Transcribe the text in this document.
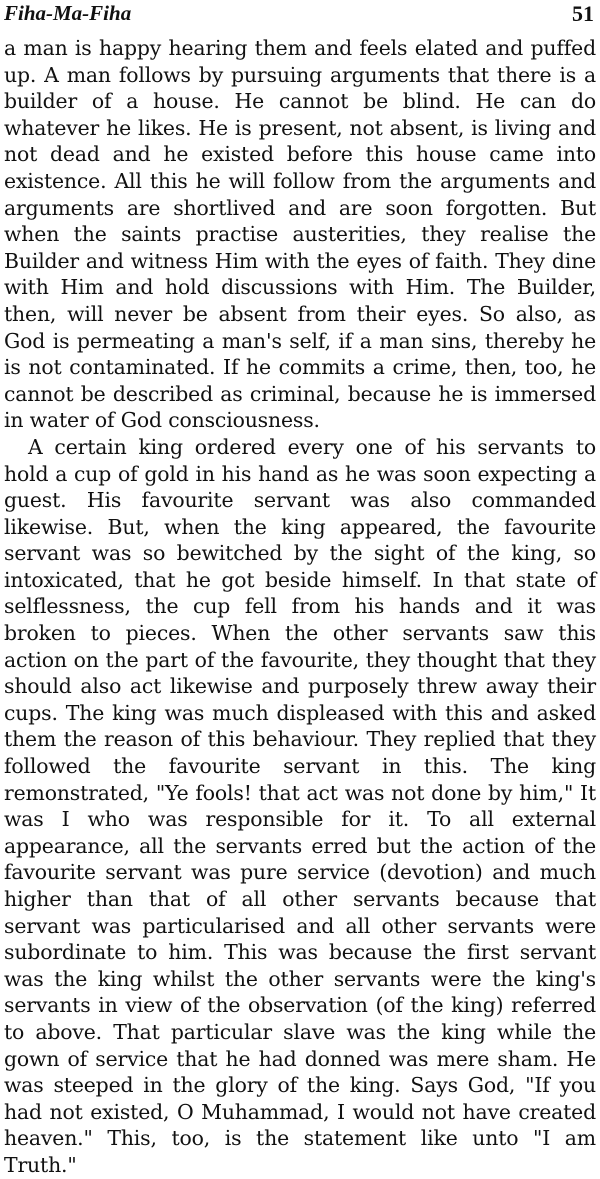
Fiha-Ma-Fiha	51

a man is happy hearing them and feels elated and puffed up. A man follows by pursuing arguments that there is a builder of a house. He cannot be blind. He can do whatever he likes. He is present, not absent, is living and not dead and he existed before this house came into existence. All this he will follow from the arguments and arguments are shortlived and are soon forgotten. But when the saints practise austerities, they realise the Builder and witness Him with the eyes of faith. They dine with Him and hold discussions with Him. The Builder, then, will never be absent from their eyes. So also, as God is permeating a man's self, if a man sins, thereby he is not contaminated. If he commits a crime, then, too, he cannot be described as criminal, because he is immersed in water of God consciousness.

A certain king ordered every one of his servants to hold a cup of gold in his hand as he was soon expecting a guest. His favourite servant was also commanded likewise. But, when the king appeared, the favourite servant was so bewitched by the sight of the king, so intoxicated, that he got beside himself. In that state of selflessness, the cup fell from his hands and it was broken to pieces. When the other servants saw this action on the part of the favourite, they thought that they should also act likewise and purposely threw away their cups. The king was much displeased with this and asked them the reason of this behaviour. They replied that they followed the favourite servant in this. The king remonstrated, "Ye fools! that act was not done by him," It was I who was responsible for it. To all external appearance, all the servants erred but the action of the favourite servant was pure service (devotion) and much higher than that of all other servants because that servant was particularised and all other servants were subordinate to him. This was because the first servant was the king whilst the other servants were the king's servants in view of the observation (of the king) referred to above. That particular slave was the king while the gown of service that he had donned was mere sham. He was steeped in the glory of the king. Says God, "If you had not existed, O Muhammad, I would not have created heaven." This, too, is the statement like unto "I am Truth."
